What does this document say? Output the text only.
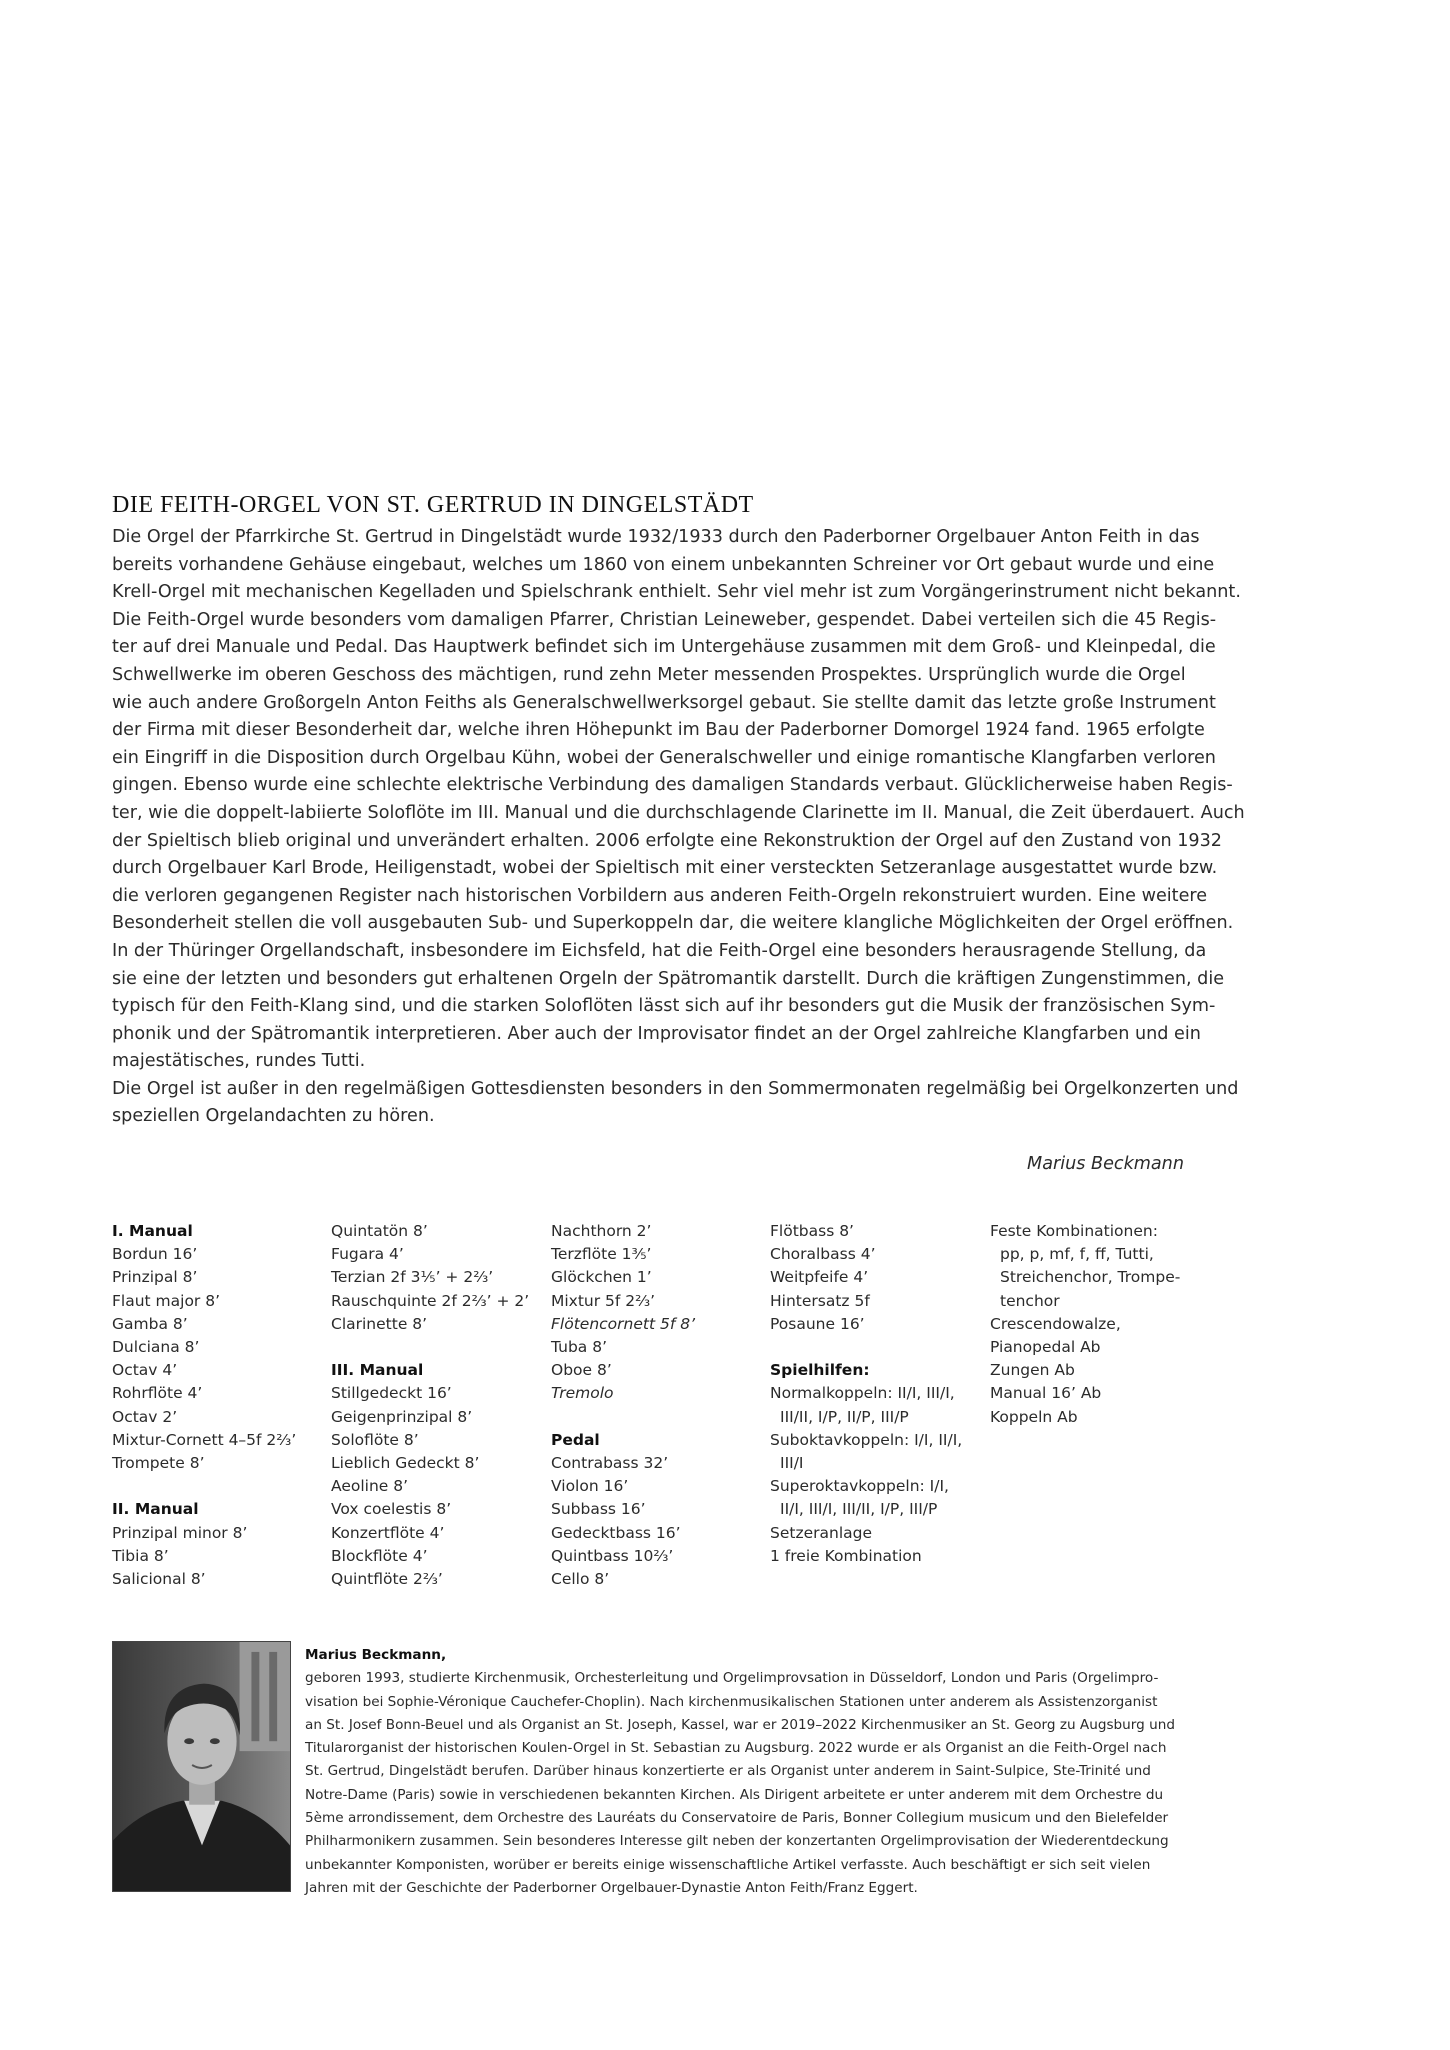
DIE FEITH-ORGEL VON ST. GERTRUD IN DINGELSTÄDT
Die Orgel der Pfarrkirche St. Gertrud in Dingelstädt wurde 1932/1933 durch den Paderborner Orgelbauer Anton Feith in das
bereits vorhandene Gehäuse eingebaut, welches um 1860 von einem unbekannten Schreiner vor Ort gebaut wurde und eine
Krell-Orgel mit mechanischen Kegelladen und Spielschrank enthielt. Sehr viel mehr ist zum Vorgängerinstrument nicht bekannt.
Die Feith-Orgel wurde besonders vom damaligen Pfarrer, Christian Leineweber, gespendet. Dabei verteilen sich die 45 Regis-
ter auf drei Manuale und Pedal. Das Hauptwerk befindet sich im Untergehäuse zusammen mit dem Groß- und Kleinpedal, die
Schwellwerke im oberen Geschoss des mächtigen, rund zehn Meter messenden Prospektes. Ursprünglich wurde die Orgel
wie auch andere Großorgeln Anton Feiths als Generalschwellwerksorgel gebaut. Sie stellte damit das letzte große Instrument
der Firma mit dieser Besonderheit dar, welche ihren Höhepunkt im Bau der Paderborner Domorgel 1924 fand. 1965 erfolgte
ein Eingriff in die Disposition durch Orgelbau Kühn, wobei der Generalschweller und einige romantische Klangfarben verloren
gingen. Ebenso wurde eine schlechte elektrische Verbindung des damaligen Standards verbaut. Glücklicherweise haben Regis-
ter, wie die doppelt-labiierte Soloflöte im III. Manual und die durchschlagende Clarinette im II. Manual, die Zeit überdauert. Auch
der Spieltisch blieb original und unverändert erhalten. 2006 erfolgte eine Rekonstruktion der Orgel auf den Zustand von 1932
durch Orgelbauer Karl Brode, Heiligenstadt, wobei der Spieltisch mit einer versteckten Setzeranlage ausgestattet wurde bzw.
die verloren gegangenen Register nach historischen Vorbildern aus anderen Feith-Orgeln rekonstruiert wurden. Eine weitere
Besonderheit stellen die voll ausgebauten Sub- und Superkoppeln dar, die weitere klangliche Möglichkeiten der Orgel eröffnen.
In der Thüringer Orgellandschaft, insbesondere im Eichsfeld, hat die Feith-Orgel eine besonders herausragende Stellung, da
sie eine der letzten und besonders gut erhaltenen Orgeln der Spätromantik darstellt. Durch die kräftigen Zungenstimmen, die
typisch für den Feith-Klang sind, und die starken Soloflöten lässt sich auf ihr besonders gut die Musik der französischen Sym-
phonik und der Spätromantik interpretieren. Aber auch der Improvisator findet an der Orgel zahlreiche Klangfarben und ein
majestätisches, rundes Tutti.
Die Orgel ist außer in den regelmäßigen Gottesdiensten besonders in den Sommermonaten regelmäßig bei Orgelkonzerten und
speziellen Orgelandachten zu hören.
Marius Beckmann
I. Manual
Bordun 16’
Prinzipal 8’
Flaut major 8’
Gamba 8’
Dulciana 8’
Octav 4’
Rohrflöte 4’
Octav 2’
Mixtur-Cornett 4–5f 2⅔’
Trompete 8’
II. Manual
Prinzipal minor 8’
Tibia 8’
Salicional 8’
Quintatön 8’
Fugara 4’
Terzian 2f 3⅕’ + 2⅔’
Rauschquinte 2f 2⅔’ + 2’
Clarinette 8’
III. Manual
Stillgedeckt 16’
Geigenprinzipal 8’
Soloflöte 8’
Lieblich Gedeckt 8’
Aeoline 8’
Vox coelestis 8’
Konzertflöte 4’
Blockflöte 4’
Quintflöte 2⅔’
Nachthorn 2’
Terzflöte 1⅗’
Glöckchen 1’
Mixtur 5f 2⅔’
Flötencornett 5f 8’
Tuba 8’
Oboe 8’
Tremolo
Pedal
Contrabass 32’
Violon 16’
Subbass 16’
Gedecktbass 16’
Quintbass 10⅔’
Cello 8’
Flötbass 8’
Choralbass 4’
Weitpfeife 4’
Hintersatz 5f
Posaune 16’
Spielhilfen:
Normalkoppeln: II/I, III/I,
III/II, I/P, II/P, III/P
Suboktavkoppeln: I/I, II/I,
III/I
Superoktavkoppeln: I/I,
II/I, III/I, III/II, I/P, III/P
Setzeranlage
1 freie Kombination
Feste Kombinationen:
pp, p, mf, f, ff, Tutti,
Streichenchor, Trompe-
tenchor
Crescendowalze,
Pianopedal Ab
Zungen Ab
Manual 16’ Ab
Koppeln Ab
Marius Beckmann,
geboren 1993, studierte Kirchenmusik, Orchesterleitung und Orgelimprovsation in Düsseldorf, London und Paris (Orgelimpro-
visation bei Sophie-Véronique Cauchefer-Choplin). Nach kirchenmusikalischen Stationen unter anderem als Assistenzorganist
an St. Josef Bonn-Beuel und als Organist an St. Joseph, Kassel, war er 2019–2022 Kirchenmusiker an St. Georg zu Augsburg und
Titularorganist der historischen Koulen-Orgel in St. Sebastian zu Augsburg. 2022 wurde er als Organist an die Feith-Orgel nach
St. Gertrud, Dingelstädt berufen. Darüber hinaus konzertierte er als Organist unter anderem in Saint-Sulpice, Ste-Trinité und
Notre-Dame (Paris) sowie in verschiedenen bekannten Kirchen. Als Dirigent arbeitete er unter anderem mit dem Orchestre du
5ème arrondissement, dem Orchestre des Lauréats du Conservatoire de Paris, Bonner Collegium musicum und den Bielefelder
Philharmonikern zusammen. Sein besonderes Interesse gilt neben der konzertanten Orgelimprovisation der Wiederentdeckung
unbekannter Komponisten, worüber er bereits einige wissenschaftliche Artikel verfasste. Auch beschäftigt er sich seit vielen
Jahren mit der Geschichte der Paderborner Orgelbauer-Dynastie Anton Feith/Franz Eggert.
